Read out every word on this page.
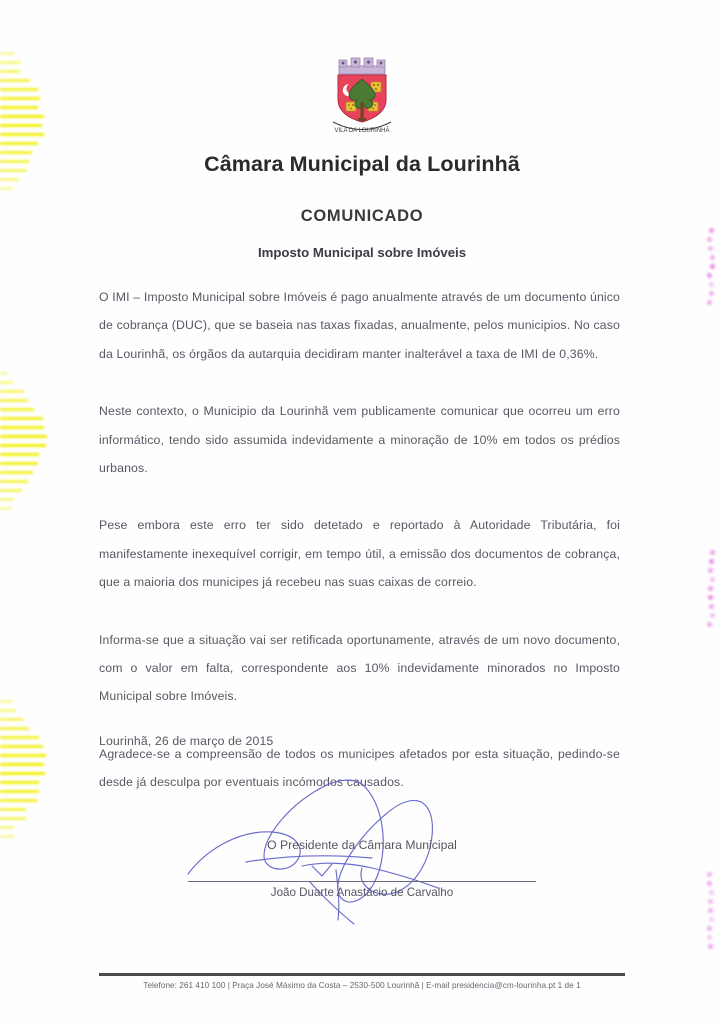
VILA DA LOURINHÃ
Câmara Municipal da Lourinhã
COMUNICADO
Imposto Municipal sobre Imóveis

O IMI – Imposto Municipal sobre Imóveis é pago anualmente através de um documento único de cobrança (DUC), que se baseia nas taxas fixadas, anualmente, pelos municipios. No caso da Lourinhã, os órgãos da autarquia decidiram manter inalterável a taxa de IMI de 0,36%.

Neste contexto, o Municipio da Lourinhã vem publicamente comunicar que ocorreu um erro informático, tendo sido assumida indevidamente a minoração de 10% em todos os prédios urbanos.

Pese embora este erro ter sido detetado e reportado à Autoridade Tributária, foi manifestamente inexequível corrigir, em tempo útil, a emissão dos documentos de cobrança, que a maioria dos municipes já recebeu nas suas caixas de correio.

Informa-se que a situação vai ser retificada oportunamente, através de um novo documento, com o valor em falta, correspondente aos 10% indevidamente minorados no Imposto Municipal sobre Imóveis.

Agradece-se a compreensão de todos os municipes afetados por esta situação, pedindo-se desde já desculpa por eventuais incómodos causados.

Lourinhã, 26 de março de 2015
O Presidente da Câmara Municipal
João Duarte Anastácio de Carvalho
Telefone: 261 410 100 | Praça José Máximo da Costa – 2530-500 Lourinhã | E-mail presidencia@cm-lourinha.pt 1 de 1
